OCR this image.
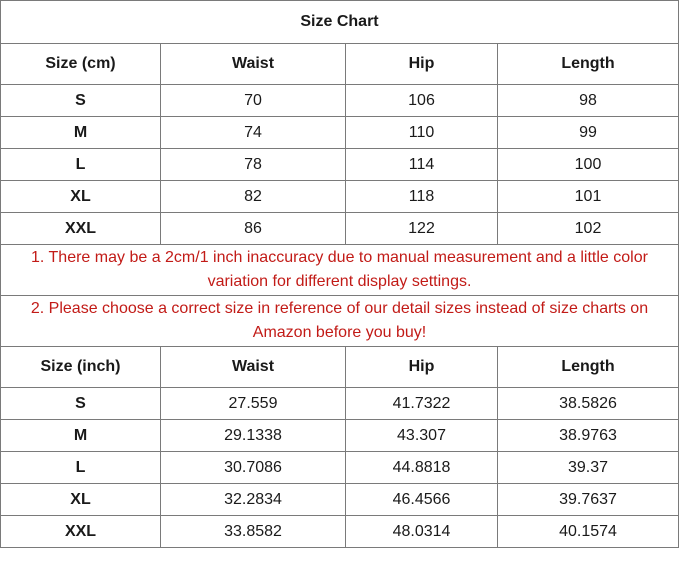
Size Chart			
Size (cm)	Waist	Hip	Length
S	70	106	98
M	74	110	99
L	78	114	100
XL	82	118	101
XXL	86	122	102
1. There may be a 2cm/1 inch inaccuracy due to manual measurement and a little color variation for different display settings.			
2. Please choose a correct size in reference of our detail sizes instead of size charts on Amazon before you buy!			
Size (inch)	Waist	Hip	Length
S	27.559	41.7322	38.5826
M	29.1338	43.307	38.9763
L	30.7086	44.8818	39.37
XL	32.2834	46.4566	39.7637
XXL	33.8582	48.0314	40.1574
